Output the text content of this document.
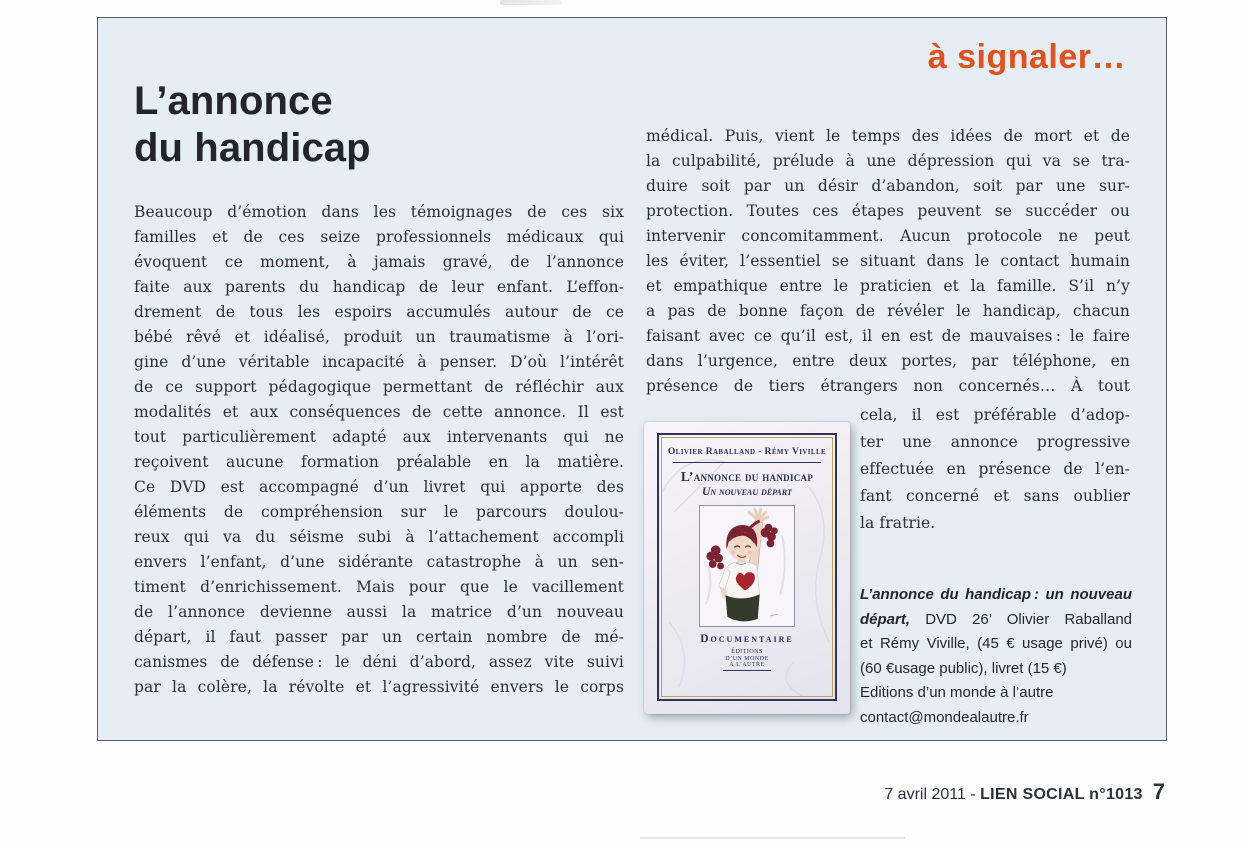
à signaler…
L’annonce
du handicap
Beaucoup d’émotion dans les témoignages de ces six
familles et de ces seize professionnels médicaux qui
évoquent ce moment, à jamais gravé, de l’annonce
faite aux parents du handicap de leur enfant. L’effon-
drement de tous les espoirs accumulés autour de ce
bébé rêvé et idéalisé, produit un traumatisme à l’ori-
gine d’une véritable incapacité à penser. D’où l’intérêt
de ce support pédagogique permettant de réfléchir aux
modalités et aux conséquences de cette annonce. Il est
tout particulièrement adapté aux intervenants qui ne
reçoivent aucune formation préalable en la matière.
Ce DVD est accompagné d’un livret qui apporte des
éléments de compréhension sur le parcours doulou-
reux qui va du séisme subi à l’attachement accompli
envers l’enfant, d’une sidérante catastrophe à un sen-
timent d’enrichissement. Mais pour que le vacillement
de l’annonce devienne aussi la matrice d’un nouveau
départ, il faut passer par un certain nombre de mé-
canismes de défense : le déni d’abord, assez vite suivi
par la colère, la révolte et l’agressivité envers le corps
médical. Puis, vient le temps des idées de mort et de
la culpabilité, prélude à une dépression qui va se tra-
duire soit par un désir d’abandon, soit par une sur-
protection. Toutes ces étapes peuvent se succéder ou
intervenir concomitamment. Aucun protocole ne peut
les éviter, l’essentiel se situant dans le contact humain
et empathique entre le praticien et la famille. S’il n’y
a pas de bonne façon de révéler le handicap, chacun
faisant avec ce qu’il est, il en est de mauvaises : le faire
dans l’urgence, entre deux portes, par téléphone, en
présence de tiers étrangers non concernés… À tout
cela, il est préférable d’adop-
ter une annonce progressive
effectuée en présence de l’en-
fant concerné et sans oublier
la fratrie.
Olivier Raballand - Rémy Viville
L’annonce du handicap
Un nouveau départ
Documentaire
ÉDITIONS
D’UN MONDE
À L’AUTRE
L’annonce du handicap : un nouveau
départ, DVD 26’ Olivier Raballand
et Rémy Viville, (45 € usage privé) ou
(60 €usage public), livret (15 €)
Editions d’un monde à l’autre
contact@mondealautre.fr
7 avril 2011 - LIEN SOCIAL n°1013 7
